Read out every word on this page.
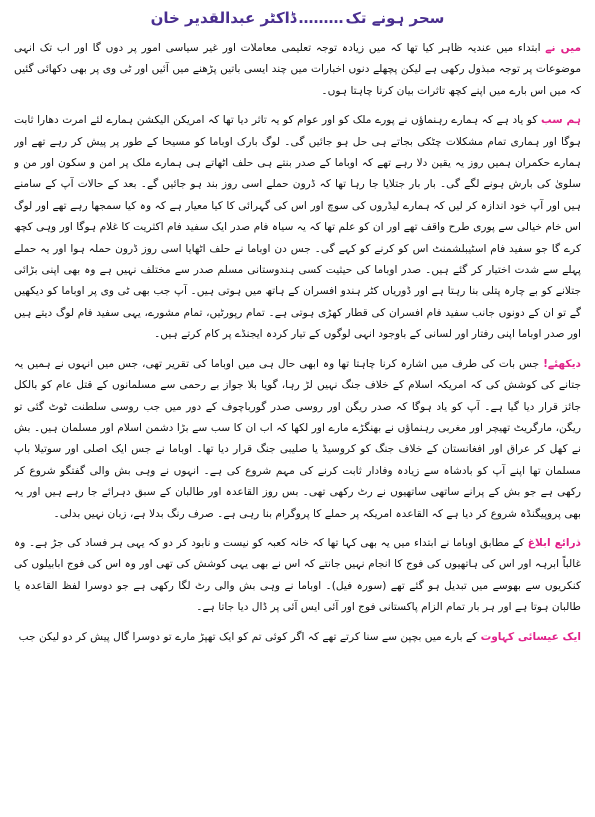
سحر ہونے تک………ڈاکٹر عبدالقدیر خان

میں نے ابتداء میں عندیہ ظاہر کیا تھا کہ میں زیادہ توجہ تعلیمی معاملات اور غیر سیاسی امور پر دوں گا اور اب تک انہی موضوعات پر توجہ مبذول رکھی ہے لیکن پچھلے دنوں اخبارات میں چند ایسی باتیں پڑھنے میں آئیں اور ٹی وی پر بھی دکھائی گئیں کہ میں اس بارے میں اپنے کچھ تاثرات بیان کرنا چاہتا ہوں۔

ہم سب کو یاد ہے کہ ہمارے رہنماؤں نے پورے ملک کو اور عوام کو یہ تاثر دیا تھا کہ امریکن الیکشن ہمارے لئے امرت دھارا ثابت ہوگا اور ہماری تمام مشکلات چٹکی بجاتے ہی حل ہو جائیں گی۔ لوگ بارک اوباما کو مسیحا کے طور پر پیش کر رہے تھے اور ہمارے حکمران ہمیں روز یہ یقین دلا رہے تھے کہ اوباما کے صدر بنتے ہی حلف اٹھاتے ہی ہمارے ملک پر امن و سکون اور من و سلویٰ کی بارش ہونے لگے گی۔ بار بار جتلایا جا رہا تھا کہ ڈرون حملے اسی روز بند ہو جائیں گے۔ بعد کے حالات آپ کے سامنے ہیں اور آپ خود اندازہ کر لیں کہ ہمارے لیڈروں کی سوچ اور اس کی گہرائی کا کیا معیار ہے کہ وہ کیا سمجھا رہے تھے اور لوگ اس خام خیالی سے پوری طرح واقف تھے اور ان کو علم تھا کہ یہ سیاہ فام صدر ایک سفید فام اکثریت کا غلام ہوگا اور وہی کچھ کرے گا جو سفید فام اسٹیبلشمنٹ اس کو کرنے کو کہے گی۔ جس دن اوباما نے حلف اٹھایا اسی روز ڈرون حملہ ہوا اور یہ حملے پہلے سے شدت اختیار کر گئے ہیں۔ صدر اوباما کی حیثیت کسی ہندوستانی مسلم صدر سے مختلف نہیں ہے وہ بھی اپنی بڑائی جتلانے کو بے چارہ پتلی بنا رہتا ہے اور ڈوریاں کٹر ہندو افسران کے ہاتھ میں ہوتی ہیں۔ آپ جب بھی ٹی وی پر اوباما کو دیکھیں گے تو ان کے دونوں جانب سفید فام افسران کی قطار کھڑی ہوتی ہے۔ تمام رپورٹیں، تمام مشورے، یہی سفید فام لوگ دیتے ہیں اور صدر اوباما اپنی رفتار اور لسانی کے باوجود انہی لوگوں کے تیار کردہ ایجنڈے پر کام کرتے ہیں۔

دیکھئے! جس بات کی طرف میں اشارہ کرنا چاہتا تھا وہ ابھی حال ہی میں اوباما کی تقریر تھی، جس میں انہوں نے ہمیں یہ جتانے کی کوشش کی کہ امریکہ اسلام کے خلاف جنگ نہیں لڑ رہا، گویا بلا جواز بے رحمی سے مسلمانوں کے قتل عام کو بالکل جائز قرار دیا گیا ہے۔ آپ کو یاد ہوگا کہ صدر ریگن اور روسی صدر گورباچوف کے دور میں جب روسی سلطنت ٹوٹ گئی تو ریگن، مارگریٹ تھیچر اور مغربی رہنماؤں نے بھنگڑے مارے اور لکھا کہ اب ان کا سب سے بڑا دشمن اسلام اور مسلمان ہیں۔ بش نے کھل کر عراق اور افغانستان کے خلاف جنگ کو کروسیڈ یا صلیبی جنگ قرار دیا تھا۔ اوباما نے جس ایک اصلی اور سوتیلا باپ مسلمان تھا اپنے آپ کو بادشاہ سے زیادہ وفادار ثابت کرنے کی مہم شروع کی ہے۔ انہوں نے وہی بش والی گفتگو شروع کر رکھی ہے جو بش کے پرانے ساتھی ساتھیوں نے رٹ رکھی تھی۔ بس روز القاعدہ اور طالبان کے سبق دہرائے جا رہے ہیں اور یہ بھی پروپیگنڈہ شروع کر دیا ہے کہ القاعدہ امریکہ پر حملے کا پروگرام بنا رہی ہے۔ صرف رنگ بدلا ہے، زبان نہیں بدلی۔

ذرائع ابلاغ کے مطابق اوباما نے ابتداء میں یہ بھی کہا تھا کہ خانہ کعبہ کو نیست و نابود کر دو کہ یہی ہر فساد کی جڑ ہے۔ وہ غالباً ابرہہ اور اس کی ہاتھیوں کی فوج کا انجام نہیں جانتے کہ اس نے بھی یہی کوشش کی تھی اور وہ اس کی فوج ابابیلوں کی کنکریوں سے بھوسے میں تبدیل ہو گئے تھے (سورہ فیل)۔ اوباما نے وہی بش والی رٹ لگا رکھی ہے جو دوسرا لفظ القاعدہ یا طالبان ہوتا ہے اور ہر بار تمام الزام پاکستانی فوج اور آئی ایس آئی پر ڈال دیا جاتا ہے۔

ایک عیسائی کہاوت کے بارے میں بچپن سے سنا کرتے تھے کہ اگر کوئی تم کو ایک تھپڑ مارے تو دوسرا گال پیش کر دو لیکن جب
